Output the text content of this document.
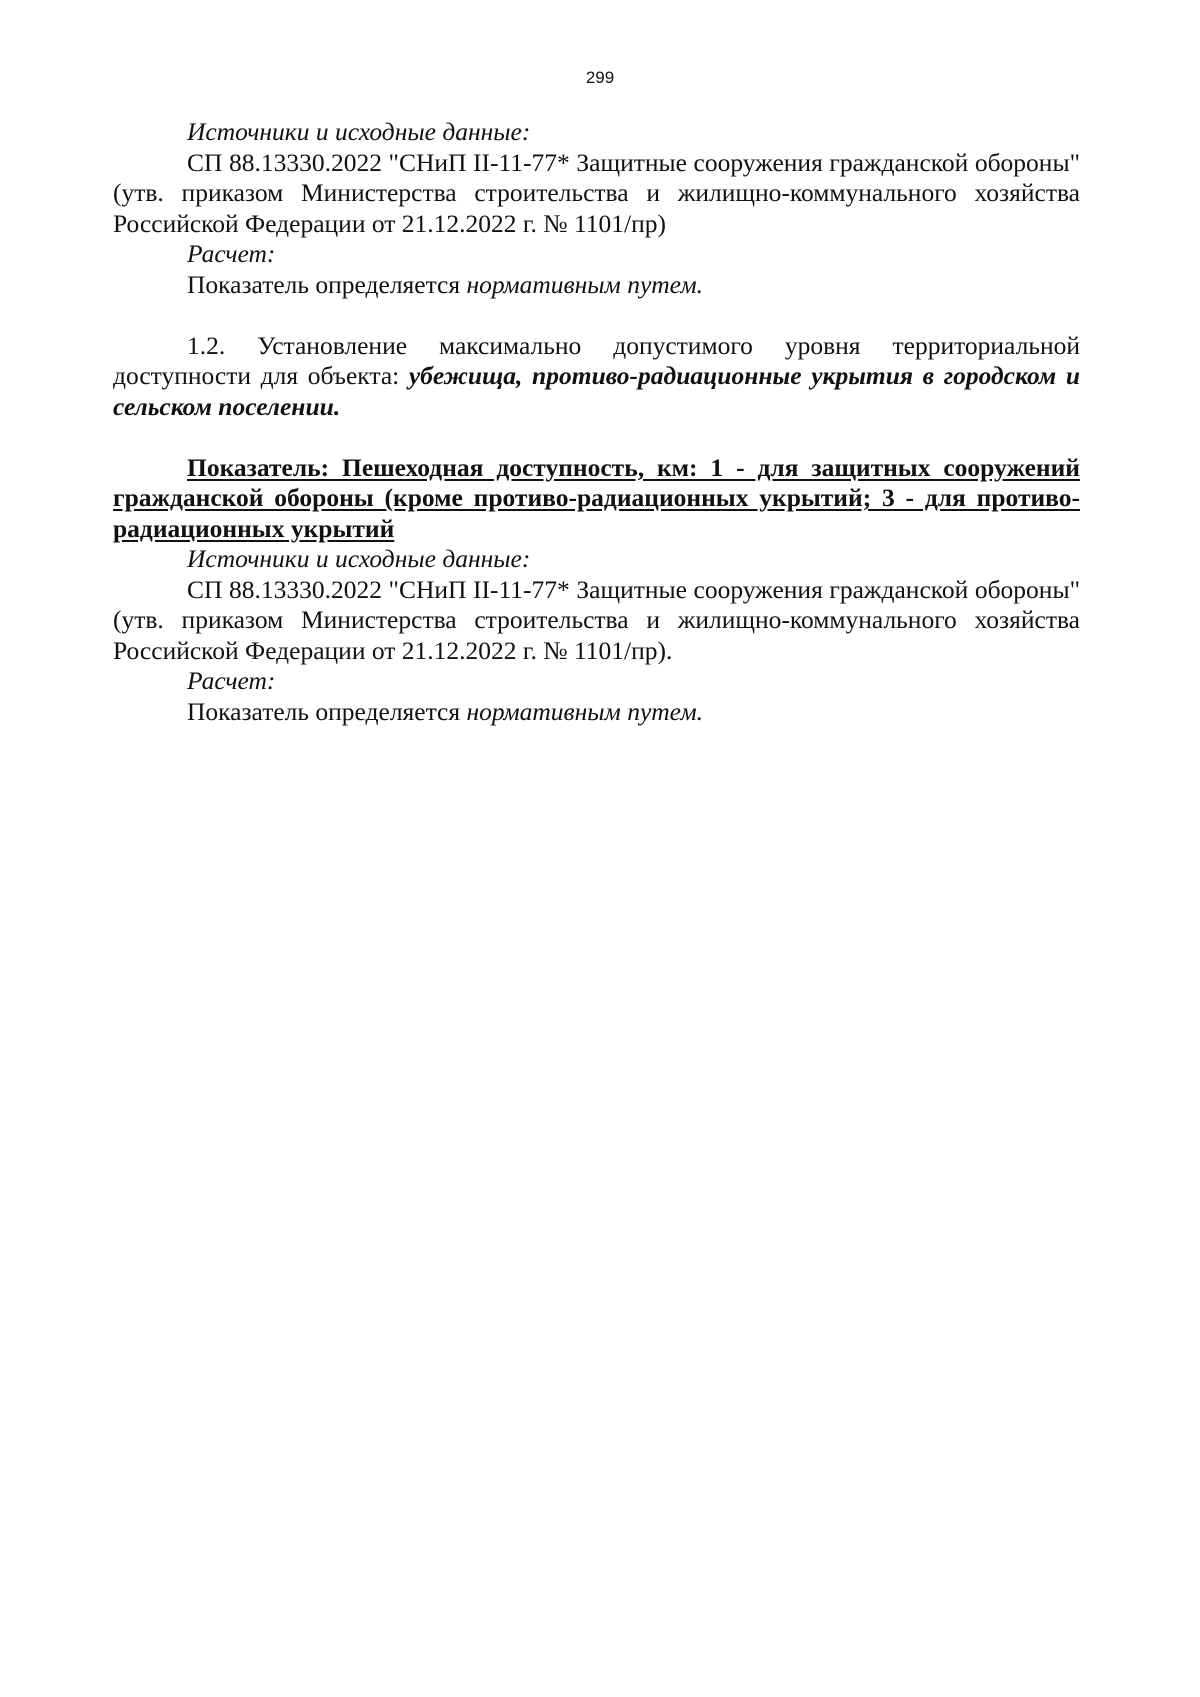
299

Источники и исходные данные:

СП 88.13330.2022 "СНиП II-11-77* Защитные сооружения гражданской обороны" (утв. приказом Министерства строительства и жилищно-коммунального хозяйства Российской Федерации от 21.12.2022 г. № 1101/пр)

Расчет:

Показатель определяется нормативным путем.

1.2. Установление максимально допустимого уровня территориальной доступности для объекта: убежища, противо-радиационные укрытия в городском и сельском поселении.

Показатель: Пешеходная доступность, км: 1 - для защитных сооружений гражданской обороны (кроме противо-радиационных укрытий; 3 - для противо-радиационных укрытий

Источники и исходные данные:

СП 88.13330.2022 "СНиП II-11-77* Защитные сооружения гражданской обороны" (утв. приказом Министерства строительства и жилищно-коммунального хозяйства Российской Федерации от 21.12.2022 г. № 1101/пр).

Расчет:

Показатель определяется нормативным путем.
